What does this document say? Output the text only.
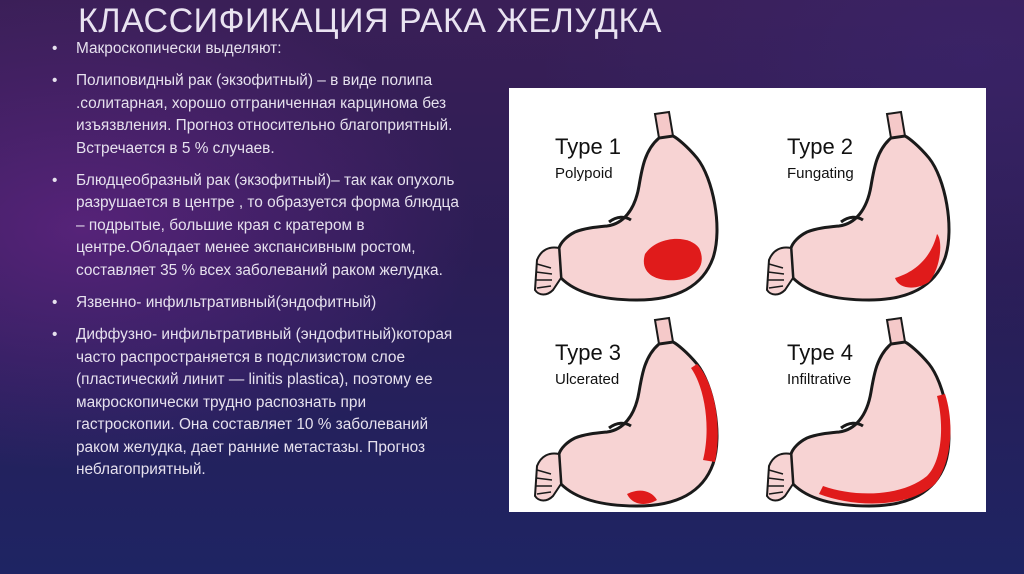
КЛАССИФИКАЦИЯ РАКА ЖЕЛУДКА
• Макроскопически выделяют:
• Полиповидный рак (экзофитный) – в виде полипа .солитарная, хорошо отграниченная карцинома без изъязвления. Прогноз относительно благоприятный. Встречается в 5 % случаев.
• Блюдцеобразный рак (экзофитный)– так как опухоль разрушается в центре , то образуется форма блюдца – подрытые, большие края с кратером в центре.Обладает менее экспансивным ростом, составляет 35 % всех заболеваний раком желудка.
• Язвенно- инфильтративный(эндофитный)
• Диффузно- инфильтративный (эндофитный)которая часто распространяется в подслизистом слое (пластический линит — linitis plastica), поэтому ее макроскопически трудно распознать при гастроскопии. Она составляет 10 % заболеваний раком желудка, дает ранние метастазы. Прогноз неблагоприятный.
Type 1
Polypoid
Type 2
Fungating
Type 3
Ulcerated
Type 4
Infiltrative
